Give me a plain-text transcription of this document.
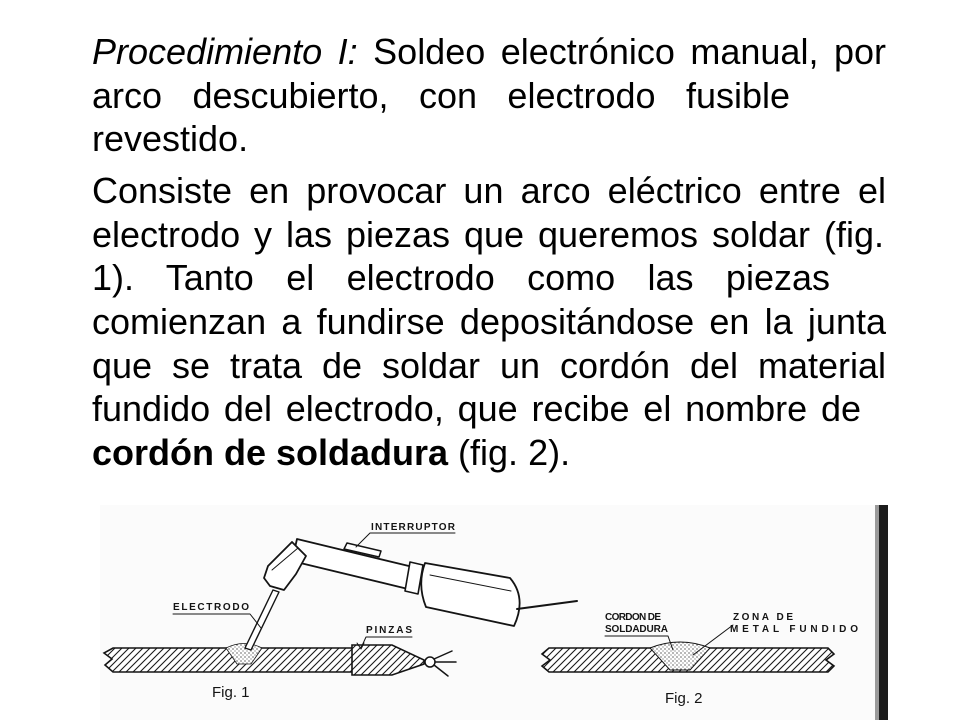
Procedimiento I: Soldeo electrónico manual, por
arco descubierto, con electrodo fusible
revestido.
Consiste en provocar un arco eléctrico entre el
electrodo y las piezas que queremos soldar (fig.
1). Tanto el electrodo como las piezas
comienzan a fundirse depositándose en la junta
que se trata de soldar un cordón del material
fundido del electrodo, que recibe el nombre de
cordón de soldadura (fig. 2).
INTERRUPTOR
ELECTRODO
PINZAS
Fig. 1
CORDON DE
SOLDADURA
ZONA DE
METAL FUNDIDO
Fig. 2
